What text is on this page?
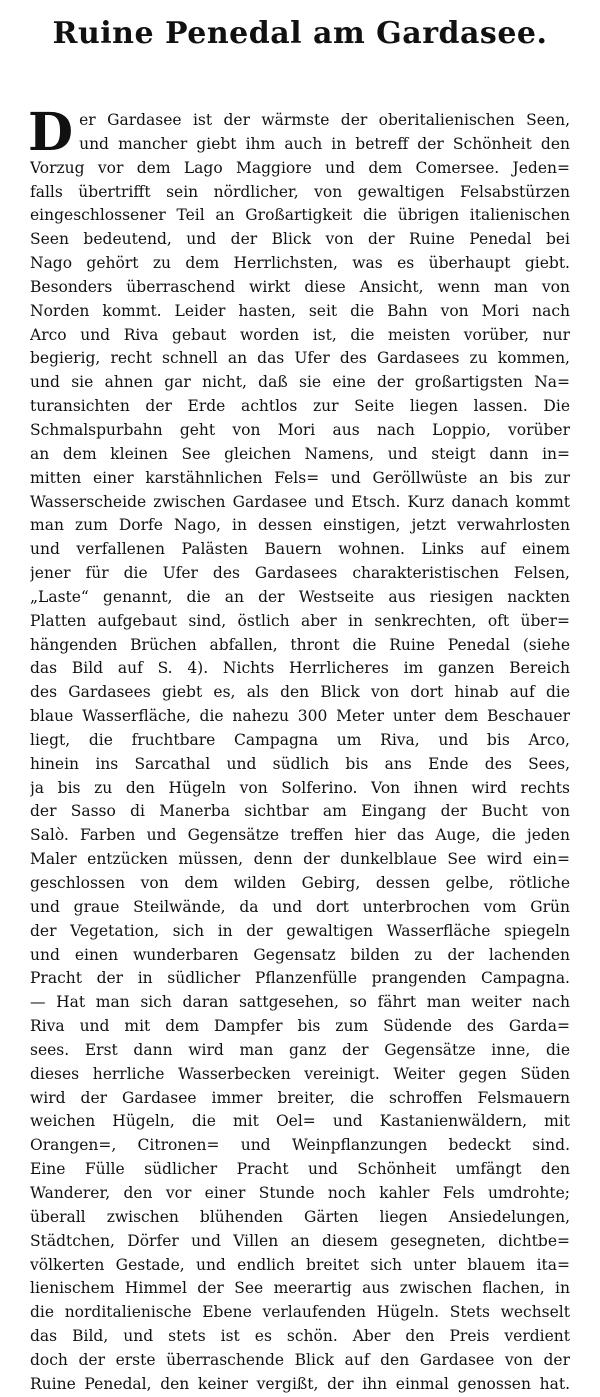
Ruine Penedal am Gardasee.
D er Gardasee ist der wärmste der oberitalienischen Seen,
und mancher giebt ihm auch in betreff der Schönheit den
Vorzug vor dem Lago Maggiore und dem Comersee. Jeden=
falls übertrifft sein nördlicher, von gewaltigen Felsabstürzen
eingeschlossener Teil an Großartigkeit die übrigen italienischen
Seen bedeutend, und der Blick von der Ruine Penedal bei
Nago gehört zu dem Herrlichsten, was es überhaupt giebt.
Besonders überraschend wirkt diese Ansicht, wenn man von
Norden kommt. Leider hasten, seit die Bahn von Mori nach
Arco und Riva gebaut worden ist, die meisten vorüber, nur
begierig, recht schnell an das Ufer des Gardasees zu kommen,
und sie ahnen gar nicht, daß sie eine der großartigsten Na=
turansichten der Erde achtlos zur Seite liegen lassen. Die
Schmalspurbahn geht von Mori aus nach Loppio, vorüber
an dem kleinen See gleichen Namens, und steigt dann in=
mitten einer karstähnlichen Fels= und Geröllwüste an bis zur
Wasserscheide zwischen Gardasee und Etsch. Kurz danach kommt
man zum Dorfe Nago, in dessen einstigen, jetzt verwahrlosten
und verfallenen Palästen Bauern wohnen. Links auf einem
jener für die Ufer des Gardasees charakteristischen Felsen,
„Laste“ genannt, die an der Westseite aus riesigen nackten
Platten aufgebaut sind, östlich aber in senkrechten, oft über=
hängenden Brüchen abfallen, thront die Ruine Penedal (siehe
das Bild auf S. 4). Nichts Herrlicheres im ganzen Bereich
des Gardasees giebt es, als den Blick von dort hinab auf die
blaue Wasserfläche, die nahezu 300 Meter unter dem Beschauer
liegt, die fruchtbare Campagna um Riva, und bis Arco,
hinein ins Sarcathal und südlich bis ans Ende des Sees,
ja bis zu den Hügeln von Solferino. Von ihnen wird rechts
der Sasso di Manerba sichtbar am Eingang der Bucht von
Salò. Farben und Gegensätze treffen hier das Auge, die jeden
Maler entzücken müssen, denn der dunkelblaue See wird ein=
geschlossen von dem wilden Gebirg, dessen gelbe, rötliche
und graue Steilwände, da und dort unterbrochen vom Grün
der Vegetation, sich in der gewaltigen Wasserfläche spiegeln
und einen wunderbaren Gegensatz bilden zu der lachenden
Pracht der in südlicher Pflanzenfülle prangenden Campagna.
— Hat man sich daran sattgesehen, so fährt man weiter nach
Riva und mit dem Dampfer bis zum Südende des Garda=
sees. Erst dann wird man ganz der Gegensätze inne, die
dieses herrliche Wasserbecken vereinigt. Weiter gegen Süden
wird der Gardasee immer breiter, die schroffen Felsmauern
weichen Hügeln, die mit Oel= und Kastanienwäldern, mit
Orangen=, Citronen= und Weinpflanzungen bedeckt sind.
Eine Fülle südlicher Pracht und Schönheit umfängt den
Wanderer, den vor einer Stunde noch kahler Fels umdrohte;
überall zwischen blühenden Gärten liegen Ansiedelungen,
Städtchen, Dörfer und Villen an diesem gesegneten, dichtbe=
völkerten Gestade, und endlich breitet sich unter blauem ita=
lienischem Himmel der See meerartig aus zwischen flachen, in
die norditalienische Ebene verlaufenden Hügeln. Stets wechselt
das Bild, und stets ist es schön. Aber den Preis verdient
doch der erste überraschende Blick auf den Gardasee von der
Ruine Penedal, den keiner vergißt, der ihn einmal genossen hat.
